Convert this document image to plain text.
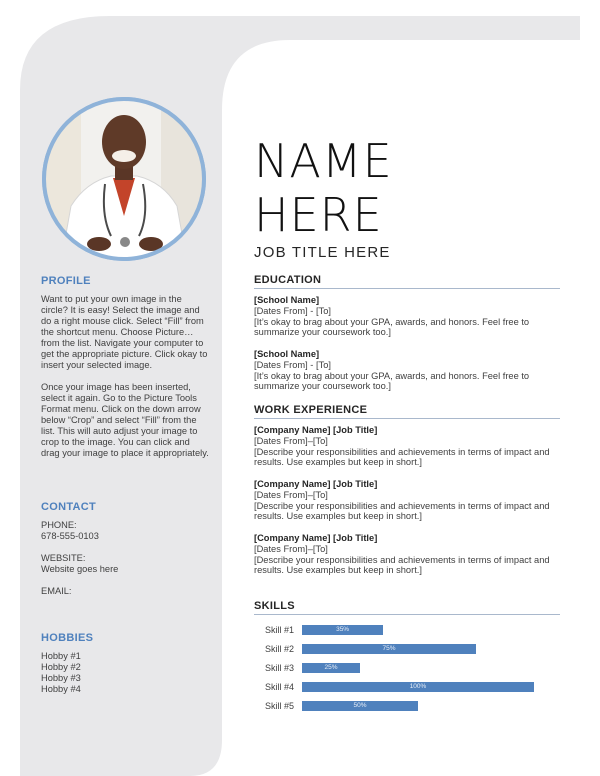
PROFILE

Want to put your own image in the circle? It is easy! Select the image and do a right mouse click. Select “Fill” from the shortcut menu. Choose Picture… from the list. Navigate your computer to get the appropriate picture. Click okay to insert your selected image.

Once your image has been inserted, select it again. Go to the Picture Tools Format menu. Click on the down arrow below “Crop” and select “Fill” from the list. This will auto adjust your image to crop to the image. You can click and drag your image to place it appropriately.

CONTACT
PHONE:
678-555-0103
WEBSITE:
Website goes here
EMAIL:
HOBBIES
Hobby #1
Hobby #2
Hobby #3
Hobby #4
NAME
HERE
JOB TITLE HERE
EDUCATION
[School Name]
[Dates From] - [To]
[It’s okay to brag about your GPA, awards, and honors. Feel free to summarize your coursework too.]
[School Name]
[Dates From] - [To]
[It’s okay to brag about your GPA, awards, and honors. Feel free to summarize your coursework too.]
WORK EXPERIENCE
[Company Name] [Job Title]
[Dates From]–[To]
[Describe your responsibilities and achievements in terms of impact and results. Use examples but keep in short.]
[Company Name] [Job Title]
[Dates From]–[To]
[Describe your responsibilities and achievements in terms of impact and results. Use examples but keep in short.]
[Company Name] [Job Title]
[Dates From]–[To]
[Describe your responsibilities and achievements in terms of impact and results. Use examples but keep in short.]
SKILLS
Skill #1	35%
Skill #2	75%
Skill #3	25%
Skill #4	100%
Skill #5	50%
